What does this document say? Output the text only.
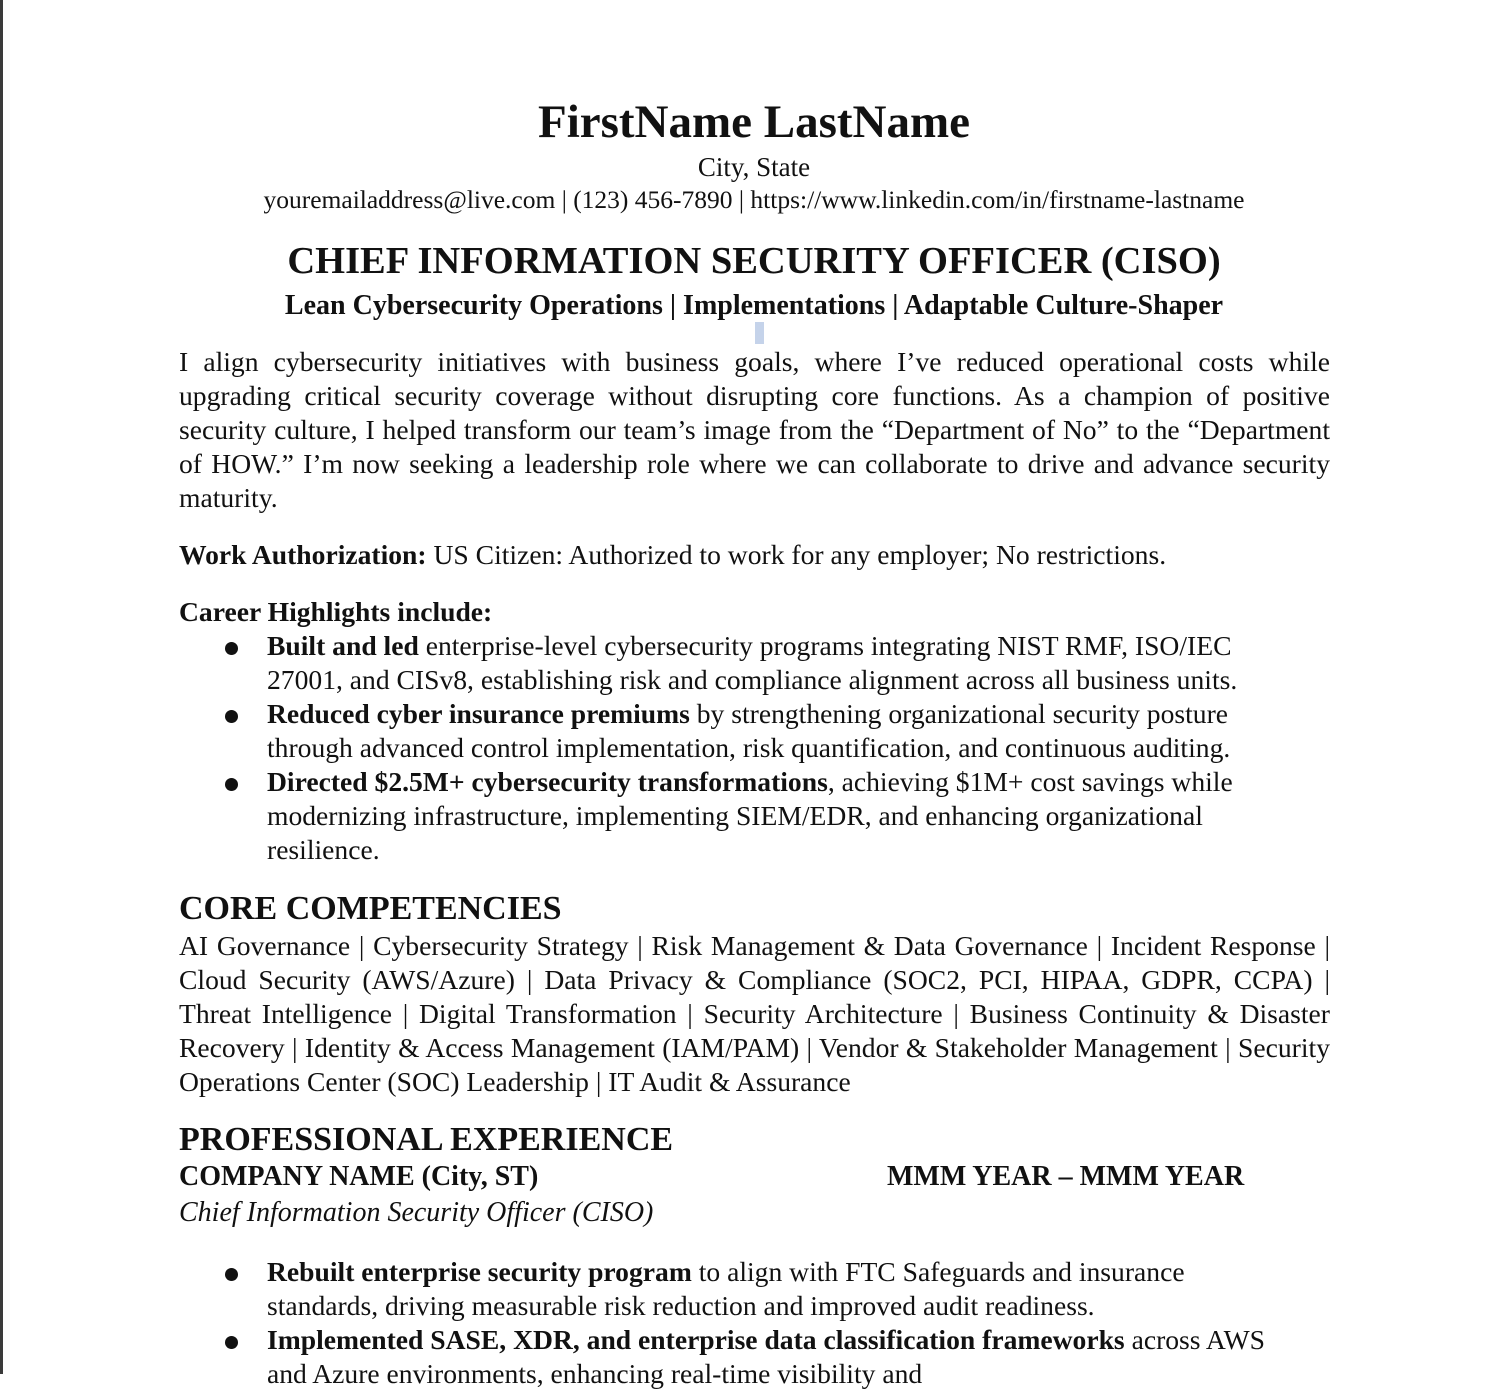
FirstName LastName
City, State
youremailaddress@live.com | (123) 456-7890 | https://www.linkedin.com/in/firstname-lastname
CHIEF INFORMATION SECURITY OFFICER (CISO)
Lean Cybersecurity Operations | Implementations | Adaptable Culture-Shaper
I align cybersecurity initiatives with business goals, where I’ve reduced operational costs while upgrading critical security coverage without disrupting core functions. As a champion of positive security culture, I helped transform our team’s image from the “Department of No” to the “Department of HOW.” I’m now seeking a leadership role where we can collaborate to drive and advance security maturity.
Work Authorization: US Citizen: Authorized to work for any employer; No restrictions.
Career Highlights include:
Built and led enterprise-level cybersecurity programs integrating NIST RMF, ISO/IEC 27001, and CISv8, establishing risk and compliance alignment across all business units.
Reduced cyber insurance premiums by strengthening organizational security posture through advanced control implementation, risk quantification, and continuous auditing.
Directed $2.5M+ cybersecurity transformations, achieving $1M+ cost savings while modernizing infrastructure, implementing SIEM/EDR, and enhancing organizational resilience.
CORE COMPETENCIES
AI Governance | Cybersecurity Strategy | Risk Management & Data Governance | Incident Response | Cloud Security (AWS/Azure) | Data Privacy & Compliance (SOC2, PCI, HIPAA, GDPR, CCPA) | Threat Intelligence | Digital Transformation | Security Architecture | Business Continuity & Disaster Recovery | Identity & Access Management (IAM/PAM) | Vendor & Stakeholder Management | Security Operations Center (SOC) Leadership | IT Audit & Assurance
PROFESSIONAL EXPERIENCE
COMPANY NAME (City, ST)	MMM YEAR – MMM YEAR
Chief Information Security Officer (CISO)
Rebuilt enterprise security program to align with FTC Safeguards and insurance standards, driving measurable risk reduction and improved audit readiness.
Implemented SASE, XDR, and enterprise data classification frameworks across AWS and Azure environments, enhancing real-time visibility and
